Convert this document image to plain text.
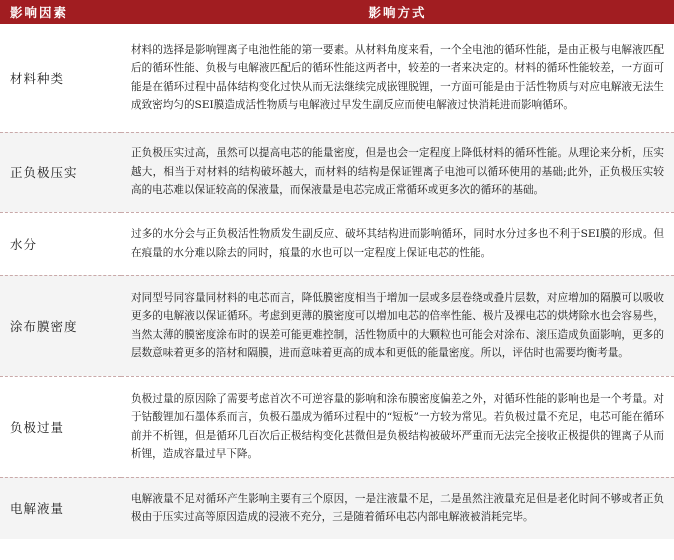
影响因素	影响方式
材料种类	材料的选择是影响锂离子电池性能的第一要素。从材料角度来看，一个全电池的循环性能，是由正极与电解液匹配后的循环性能、负极与电解液匹配后的循环性能这两者中，较差的一者来决定的。材料的循环性能较差，一方面可能是在循环过程中晶体结构变化过快从而无法继续完成嵌锂脱锂，一方面可能是由于活性物质与对应电解液无法生成致密均匀的SEI膜造成活性物质与电解液过早发生副反应而使电解液过快消耗进而影响循环。
正负极压实	正负极压实过高，虽然可以提高电芯的能量密度，但是也会一定程度上降低材料的循环性能。从理论来分析，压实越大，相当于对材料的结构破坏越大，而材料的结构是保证锂离子电池可以循环使用的基础;此外，正负极压实较高的电芯难以保证较高的保液量，而保液量是电芯完成正常循环或更多次的循环的基础。
水分	过多的水分会与正负极活性物质发生副反应、破坏其结构进而影响循环，同时水分过多也不利于SEI膜的形成。但在痕量的水分难以除去的同时，痕量的水也可以一定程度上保证电芯的性能。
涂布膜密度	对同型号同容量同材料的电芯而言，降低膜密度相当于增加一层或多层卷绕或叠片层数，对应增加的隔膜可以吸收更多的电解液以保证循环。考虑到更薄的膜密度可以增加电芯的倍率性能、极片及裸电芯的烘烤除水也会容易些，当然太薄的膜密度涂布时的误差可能更难控制，活性物质中的大颗粒也可能会对涂布、滚压造成负面影响，更多的层数意味着更多的箔材和隔膜，进而意味着更高的成本和更低的能量密度。所以，评估时也需要均衡考量。
负极过量	负极过量的原因除了需要考虑首次不可逆容量的影响和涂布膜密度偏差之外，对循环性能的影响也是一个考量。对于钴酸锂加石墨体系而言，负极石墨成为循环过程中的“短板”一方较为常见。若负极过量不充足，电芯可能在循环前并不析锂，但是循环几百次后正极结构变化甚微但是负极结构被破坏严重而无法完全接收正极提供的锂离子从而析锂，造成容量过早下降。
电解液量	电解液量不足对循环产生影响主要有三个原因，一是注液量不足，二是虽然注液量充足但是老化时间不够或者正负极由于压实过高等原因造成的浸液不充分，三是随着循环电芯内部电解液被消耗完毕。
